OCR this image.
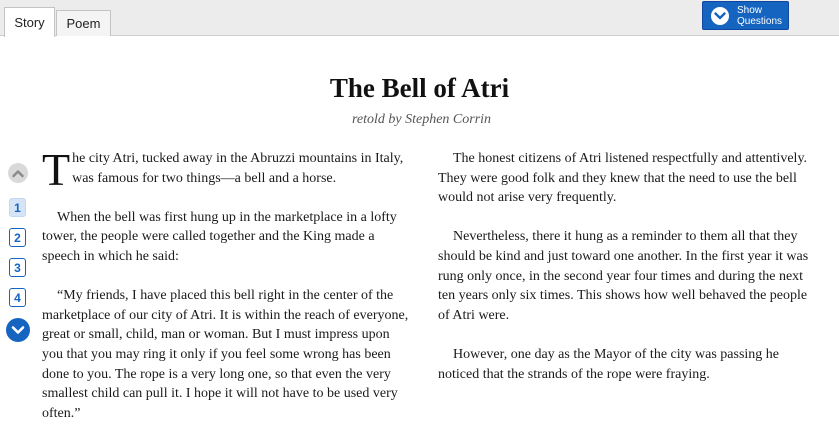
Story	Poem
Show
Questions
The Bell of Atri
retold by Stephen Corrin
1
2
3
4

The city Atri, tucked away in the Abruzzi mountains in Italy, was famous for two things—a bell and a horse.

When the bell was first hung up in the marketplace in a lofty tower, the people were called together and the King made a speech in which he said:

“My friends, I have placed this bell right in the center of the marketplace of our city of Atri. It is within the reach of everyone, great or small, child, man or woman. But I must impress upon you that you may ring it only if you feel some wrong has been done to you. The rope is a very long one, so that even the very smallest child can pull it. I hope it will not have to be used very often.”

The honest citizens of Atri listened respectfully and attentively. They were good folk and they knew that the need to use the bell would not arise very frequently.

Nevertheless, there it hung as a reminder to them all that they should be kind and just toward one another. In the first year it was rung only once, in the second year four times and during the next ten years only six times. This shows how well behaved the people of Atri were.

However, one day as the Mayor of the city was passing he noticed that the strands of the rope were fraying.
